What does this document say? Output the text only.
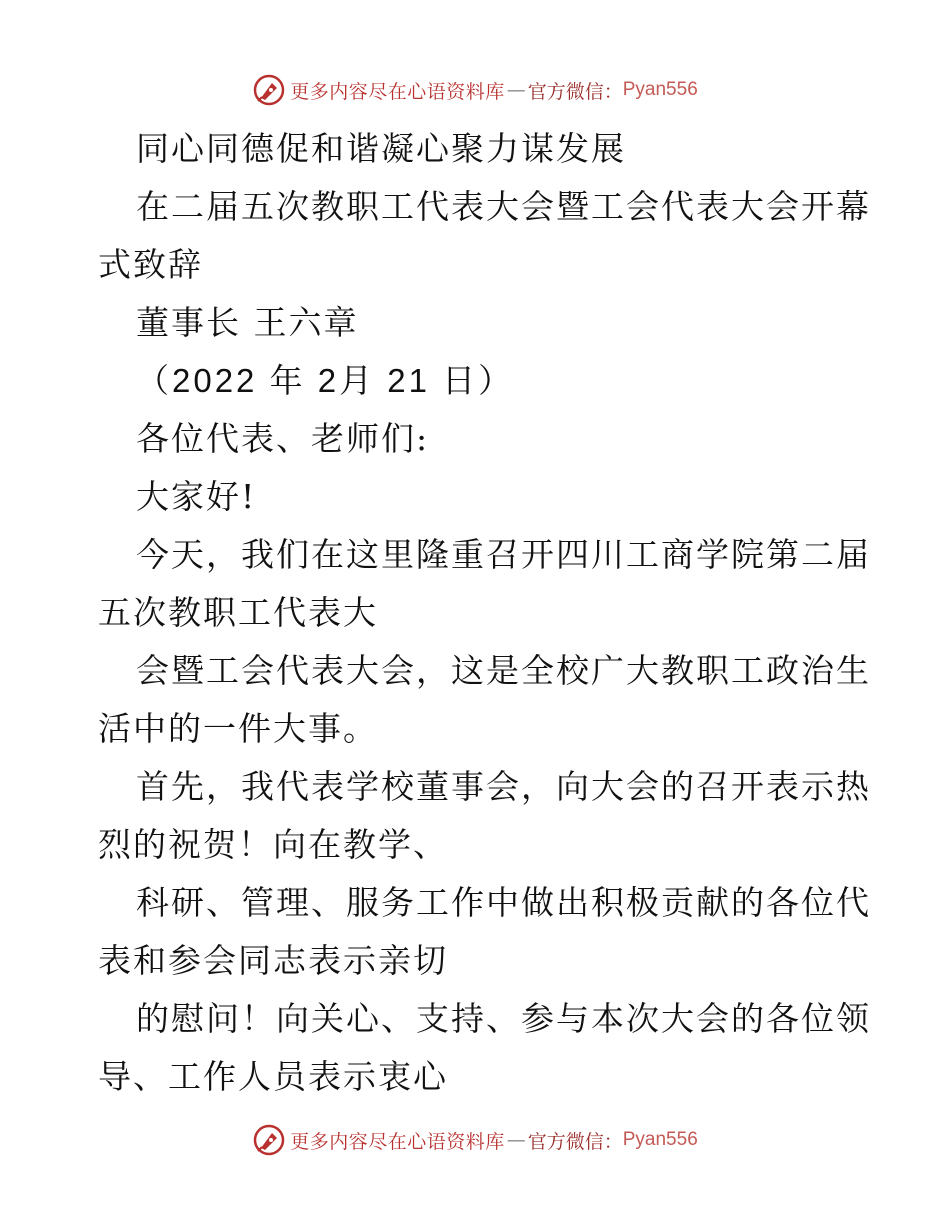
更多内容尽在心语资料库 — 官方微信： Pyan556
同心同德促和谐凝心聚力谋发展
在二届五次教职工代表大会暨工会代表大会开幕
式致辞
董事长 王六章
（2022 年 2月 21 日）
各位代表、老师们:
大家好!
今天，我们在这里隆重召开四川工商学院第二届
五次教职工代表大
会暨工会代表大会，这是全校广大教职工政治生
活中的一件大事。
首先，我代表学校董事会，向大会的召开表示热
烈的祝贺！向在教学、
科研、管理、服务工作中做出积极贡献的各位代
表和参会同志表示亲切
的慰问！向关心、支持、参与本次大会的各位领
导、工作人员表示衷心
更多内容尽在心语资料库 — 官方微信： Pyan556
